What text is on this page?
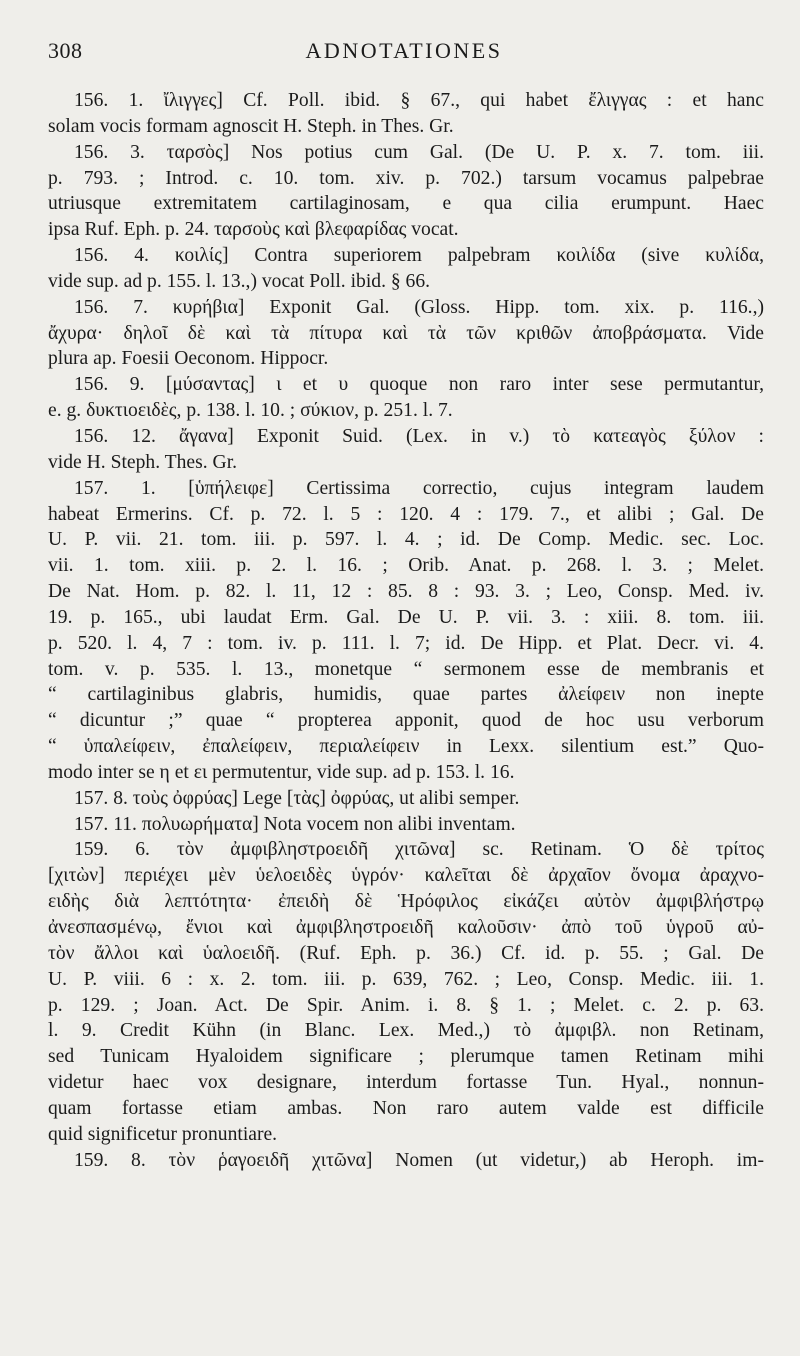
308	ADNOTATIONES
156. 1. ἴλιγγες] Cf. Poll. ibid. § 67., qui habet ἔλιγγας : et hanc
solam vocis formam agnoscit H. Steph. in Thes. Gr.
156. 3. ταρσὸς] Nos potius cum Gal. (De U. P. x. 7. tom. iii.
p. 793. ; Introd. c. 10. tom. xiv. p. 702.) tarsum vocamus palpebrae
utriusque extremitatem cartilaginosam, e qua cilia erumpunt. Haec
ipsa Ruf. Eph. p. 24. ταρσοὺς καὶ βλεφαρίδας vocat.
156. 4. κοιλίς] Contra superiorem palpebram κοιλίδα (sive κυλίδα,
vide sup. ad p. 155. l. 13.,) vocat Poll. ibid. § 66.
156. 7. κυρήβια] Exponit Gal. (Gloss. Hipp. tom. xix. p. 116.,)
ἄχυρα· δηλοῖ δὲ καὶ τὰ πίτυρα καὶ τὰ τῶν κριθῶν ἀποβράσματα. Vide
plura ap. Foesii Oeconom. Hippocr.
156. 9. [μύσαντας] ι et υ quoque non raro inter sese permutantur,
e. g. δυκτιοειδὲς, p. 138. l. 10. ; σύκιον, p. 251. l. 7.
156. 12. ἄγανα] Exponit Suid. (Lex. in v.) τὸ κατεαγὸς ξύλον :
vide H. Steph. Thes. Gr.
157. 1. [ὑπήλειφε] Certissima correctio, cujus integram laudem
habeat Ermerins. Cf. p. 72. l. 5 : 120. 4 : 179. 7., et alibi ; Gal. De
U. P. vii. 21. tom. iii. p. 597. l. 4. ; id. De Comp. Medic. sec. Loc.
vii. 1. tom. xiii. p. 2. l. 16. ; Orib. Anat. p. 268. l. 3. ; Melet.
De Nat. Hom. p. 82. l. 11, 12 : 85. 8 : 93. 3. ; Leo, Consp. Med. iv.
19. p. 165., ubi laudat Erm. Gal. De U. P. vii. 3. : xiii. 8. tom. iii.
p. 520. l. 4, 7 : tom. iv. p. 111. l. 7; id. De Hipp. et Plat. Decr. vi. 4.
tom. v. p. 535. l. 13., monetque “ sermonem esse de membranis et
“ cartilaginibus glabris, humidis, quae partes ἀλείφειν non inepte
“ dicuntur ;” quae “ propterea apponit, quod de hoc usu verborum
“ ὑπαλείφειν, ἐπαλείφειν, περιαλείφειν in Lexx. silentium est.” Quo-
modo inter se η et ει permutentur, vide sup. ad p. 153. l. 16.
157. 8. τοὺς ὀφρύας] Lege [τὰς] ὀφρύας, ut alibi semper.
157. 11. πολυωρήματα] Nota vocem non alibi inventam.
159. 6. τὸν ἀμφιβληστροειδῆ χιτῶνα] sc. Retinam. Ὁ δὲ τρίτος
[χιτὼν] περιέχει μὲν ὑελοειδὲς ὑγρόν· καλεῖται δὲ ἀρχαῖον ὄνομα ἀραχνο-
ειδὴς διὰ λεπτότητα· ἐπειδὴ δὲ Ἡρόφιλος εἰκάζει αὐτὸν ἀμφιβλήστρῳ
ἀνεσπασμένῳ, ἔνιοι καὶ ἀμφιβληστροειδῆ καλοῦσιν· ἀπὸ τοῦ ὑγροῦ αὐ-
τὸν ἄλλοι καὶ ὑαλοειδῆ. (Ruf. Eph. p. 36.) Cf. id. p. 55. ; Gal. De
U. P. viii. 6 : x. 2. tom. iii. p. 639, 762. ; Leo, Consp. Medic. iii. 1.
p. 129. ; Joan. Act. De Spir. Anim. i. 8. § 1. ; Melet. c. 2. p. 63.
l. 9. Credit Kühn (in Blanc. Lex. Med.,) τὸ ἀμφιβλ. non Retinam,
sed Tunicam Hyaloidem significare ; plerumque tamen Retinam mihi
videtur haec vox designare, interdum fortasse Tun. Hyal., nonnun-
quam fortasse etiam ambas. Non raro autem valde est difficile
quid significetur pronuntiare.
159. 8. τὸν ῥαγοειδῆ χιτῶνα] Nomen (ut videtur,) ab Heroph. im-
